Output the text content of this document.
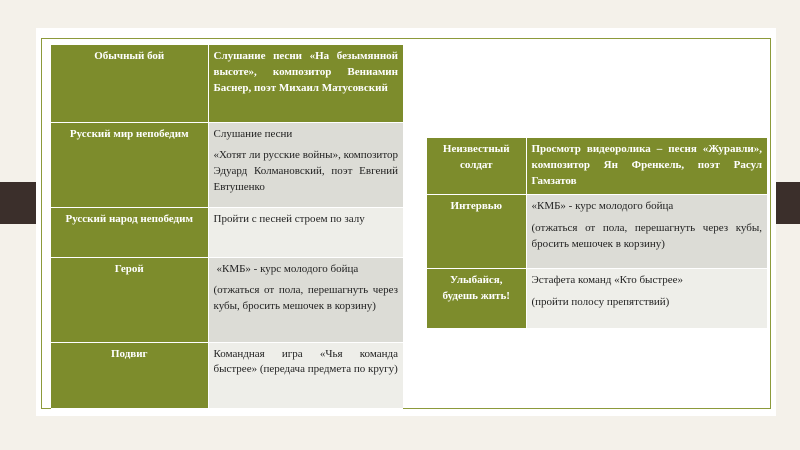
Обычный бой	Слушание песни «На безымянной высоте», композитор Вениамин Баснер, поэт Михаил Матусовский

Русский мир непобедим	Слушание песни

«Хотят ли русские войны», композитор Эдуард Колмановский, поэт Евгений Евтушенко

Русский народ непобедим	Пройти с песней строем по залу

Герой	«КМБ» - курс молодого бойца

(отжаться от пола, перешагнуть через кубы, бросить мешочек в корзину)

Подвиг	Командная игра «Чья команда быстрее» (передача предмета по кругу)

Неизвестный солдат	Просмотр видеоролика – песня «Журавли», композитор Ян Френкель, поэт Расул Гамзатов

Интервью	«КМБ» - курс молодого бойца

(отжаться от пола, перешагнуть через кубы, бросить мешочек в корзину)

Улыбайся, будешь жить!	Эстафета команд «Кто быстрее»

(пройти полосу препятствий)
